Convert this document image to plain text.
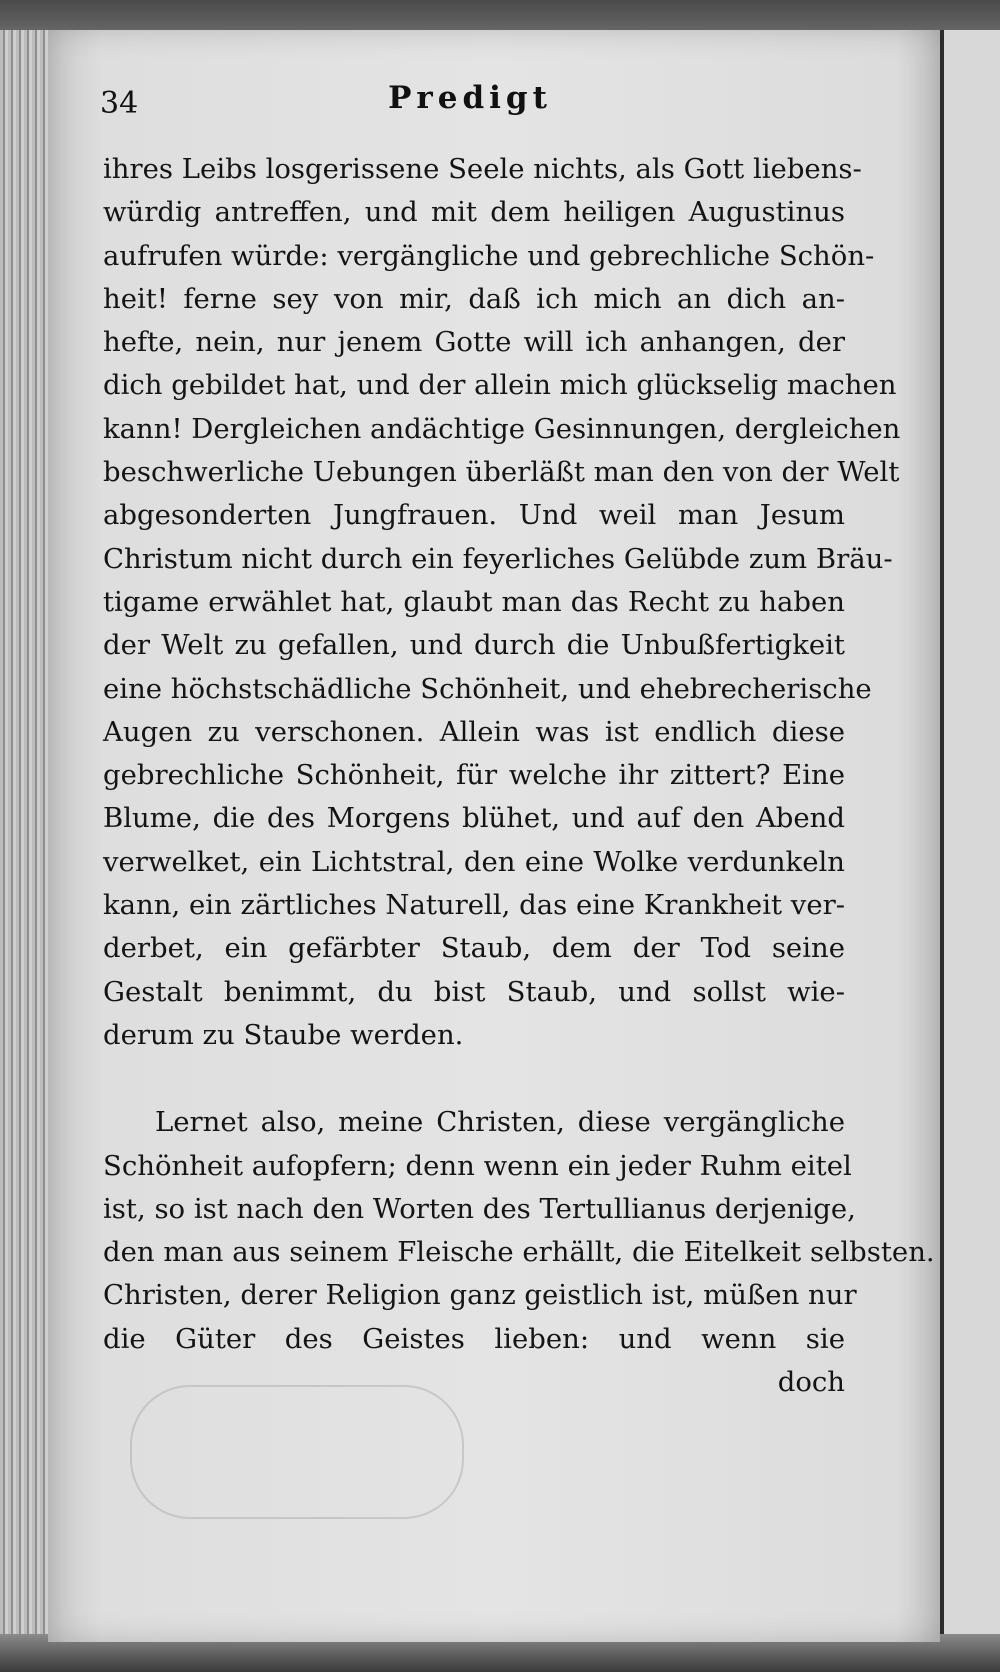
34	Predigt
ihres Leibs losgerissene Seele nichts, als Gott liebens-
würdig antreffen, und mit dem heiligen Augustinus
aufrufen würde: vergängliche und gebrechliche Schön-
heit! ferne sey von mir, daß ich mich an dich an-
hefte, nein, nur jenem Gotte will ich anhangen, der
dich gebildet hat, und der allein mich glückselig machen
kann! Dergleichen andächtige Gesinnungen, dergleichen
beschwerliche Uebungen überläßt man den von der Welt
abgesonderten Jungfrauen. Und weil man Jesum
Christum nicht durch ein feyerliches Gelübde zum Bräu-
tigame erwählet hat, glaubt man das Recht zu haben
der Welt zu gefallen, und durch die Unbußfertigkeit
eine höchstschädliche Schönheit, und ehebrecherische
Augen zu verschonen. Allein was ist endlich diese
gebrechliche Schönheit, für welche ihr zittert? Eine
Blume, die des Morgens blühet, und auf den Abend
verwelket, ein Lichtstral, den eine Wolke verdunkeln
kann, ein zärtliches Naturell, das eine Krankheit ver-
derbet, ein gefärbter Staub, dem der Tod seine
Gestalt benimmt, du bist Staub, und sollst wie-
derum zu Staube werden.
Lernet also, meine Christen, diese vergängliche
Schönheit aufopfern; denn wenn ein jeder Ruhm eitel
ist, so ist nach den Worten des Tertullianus derjenige,
den man aus seinem Fleische erhällt, die Eitelkeit selbsten.
Christen, derer Religion ganz geistlich ist, müßen nur
die Güter des Geistes lieben: und wenn sie
doch
